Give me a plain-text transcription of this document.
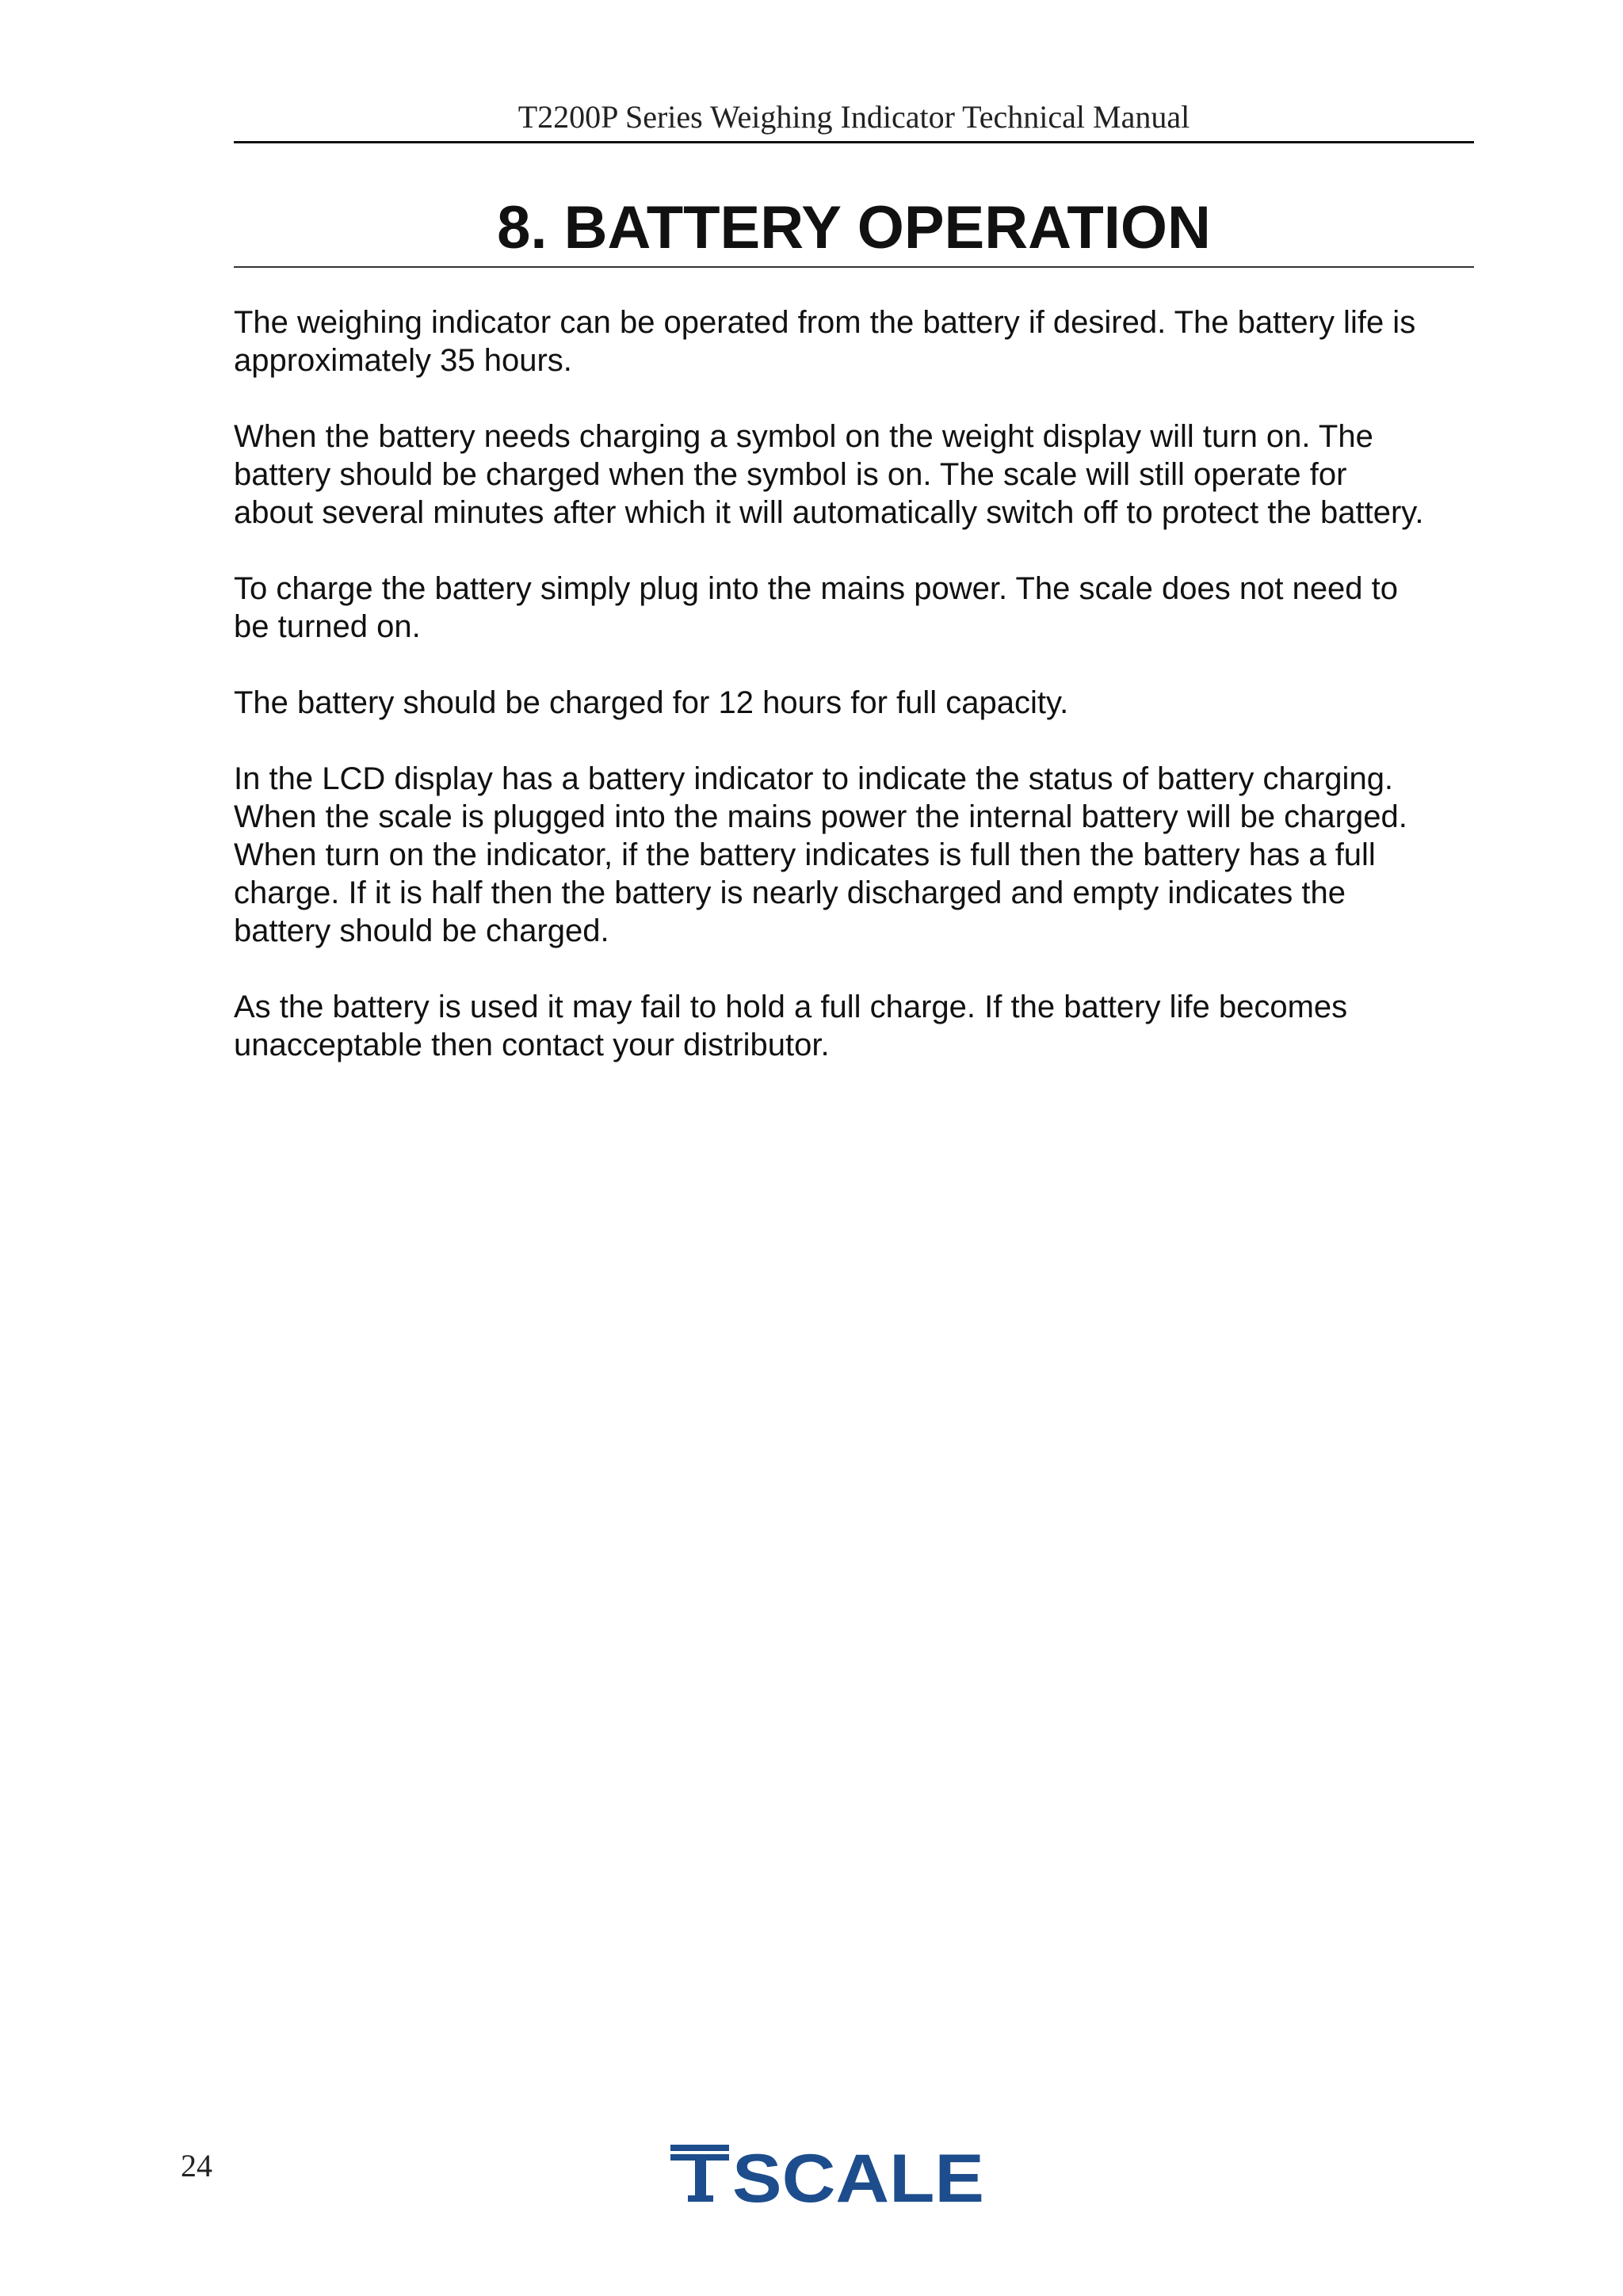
T2200P Series Weighing Indicator Technical Manual
8. BATTERY OPERATION

The weighing indicator can be operated from the battery if desired. The battery life is
approximately 35 hours.

When the battery needs charging a symbol on the weight display will turn on. The
battery should be charged when the symbol is on. The scale will still operate for
about several minutes after which it will automatically switch off to protect the battery.

To charge the battery simply plug into the mains power. The scale does not need to
be turned on.

The battery should be charged for 12 hours for full capacity.

In the LCD display has a battery indicator to indicate the status of battery charging.
When the scale is plugged into the mains power the internal battery will be charged.
When turn on the indicator, if the battery indicates is full then the battery has a full
charge. If it is half then the battery is nearly discharged and empty indicates the
battery should be charged.

As the battery is used it may fail to hold a full charge. If the battery life becomes
unacceptable then contact your distributor.

24	SCALE
